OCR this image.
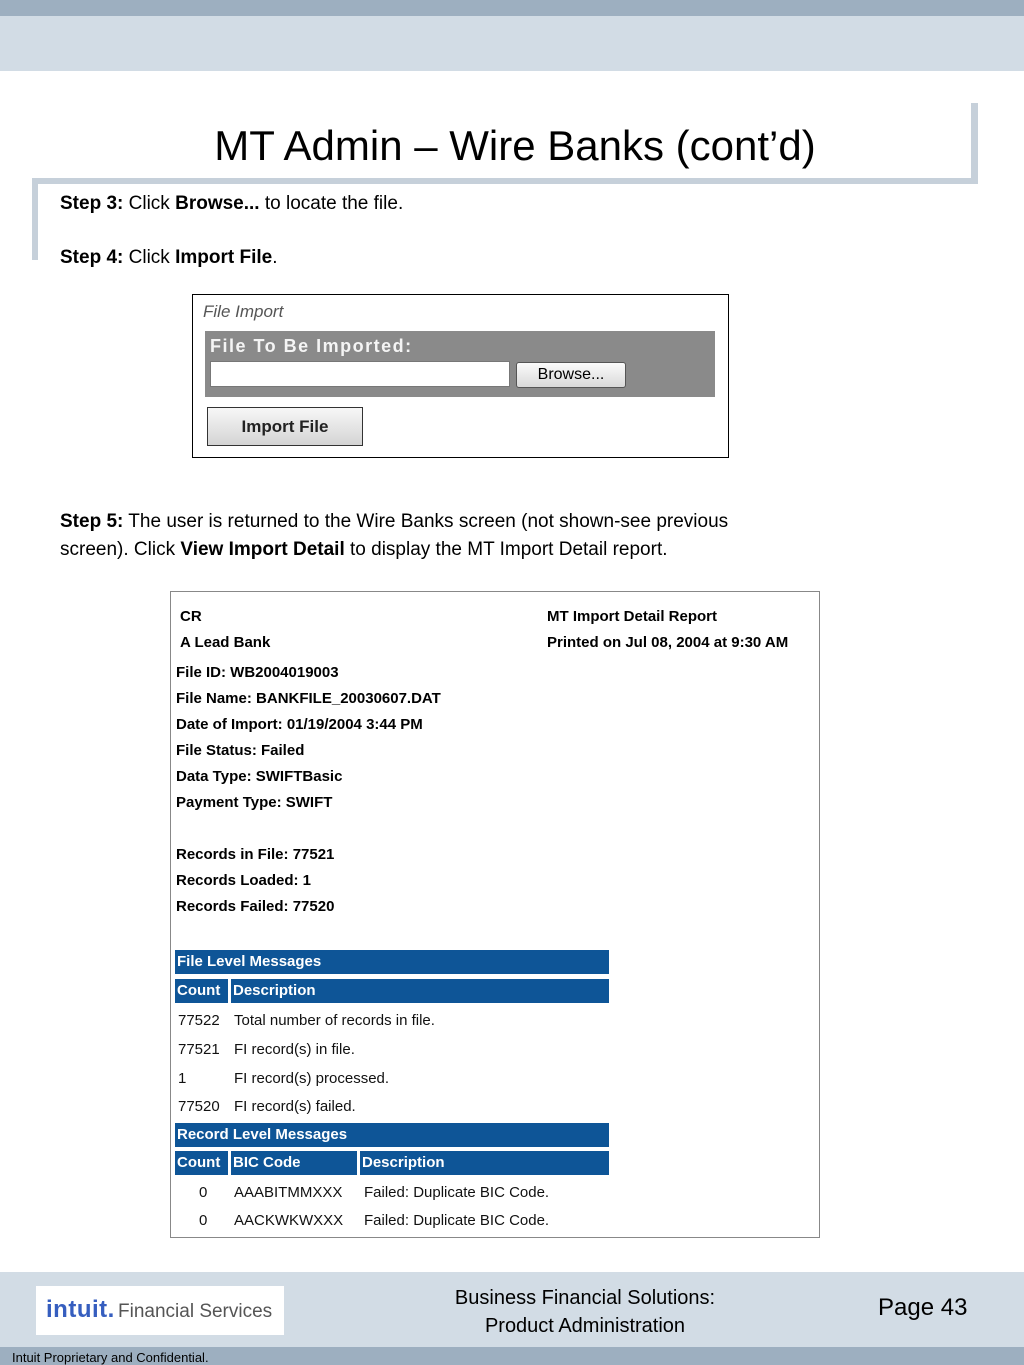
MT Admin – Wire Banks (cont’d)
Step 3: Click Browse... to locate the file.
Step 4: Click Import File.
File Import
File To Be Imported:
Browse...
Import File
Step 5: The user is returned to the Wire Banks screen (not shown-see previous
screen). Click View Import Detail to display the MT Import Detail report.
CR
A Lead Bank
MT Import Detail Report
Printed on Jul 08, 2004 at 9:30 AM
File ID: WB2004019003
File Name: BANKFILE_20030607.DAT
Date of Import: 01/19/2004 3:44 PM
File Status: Failed
Data Type: SWIFTBasic
Payment Type: SWIFT
Records in File: 77521
Records Loaded: 1
Records Failed: 77520
File Level Messages
Count Description
77522 Total number of records in file.
77521 FI record(s) in file.
1	FI record(s) processed.
77520 FI record(s) failed.
Record Level Messages
Count BIC Code	Description
0 AAABITMMXXX Failed: Duplicate BIC Code.
0 AACKWKWXXX Failed: Duplicate BIC Code.
intuit. Financial Services
Business Financial Solutions:
Product Administration
Page 43
Intuit Proprietary and Confidential.
